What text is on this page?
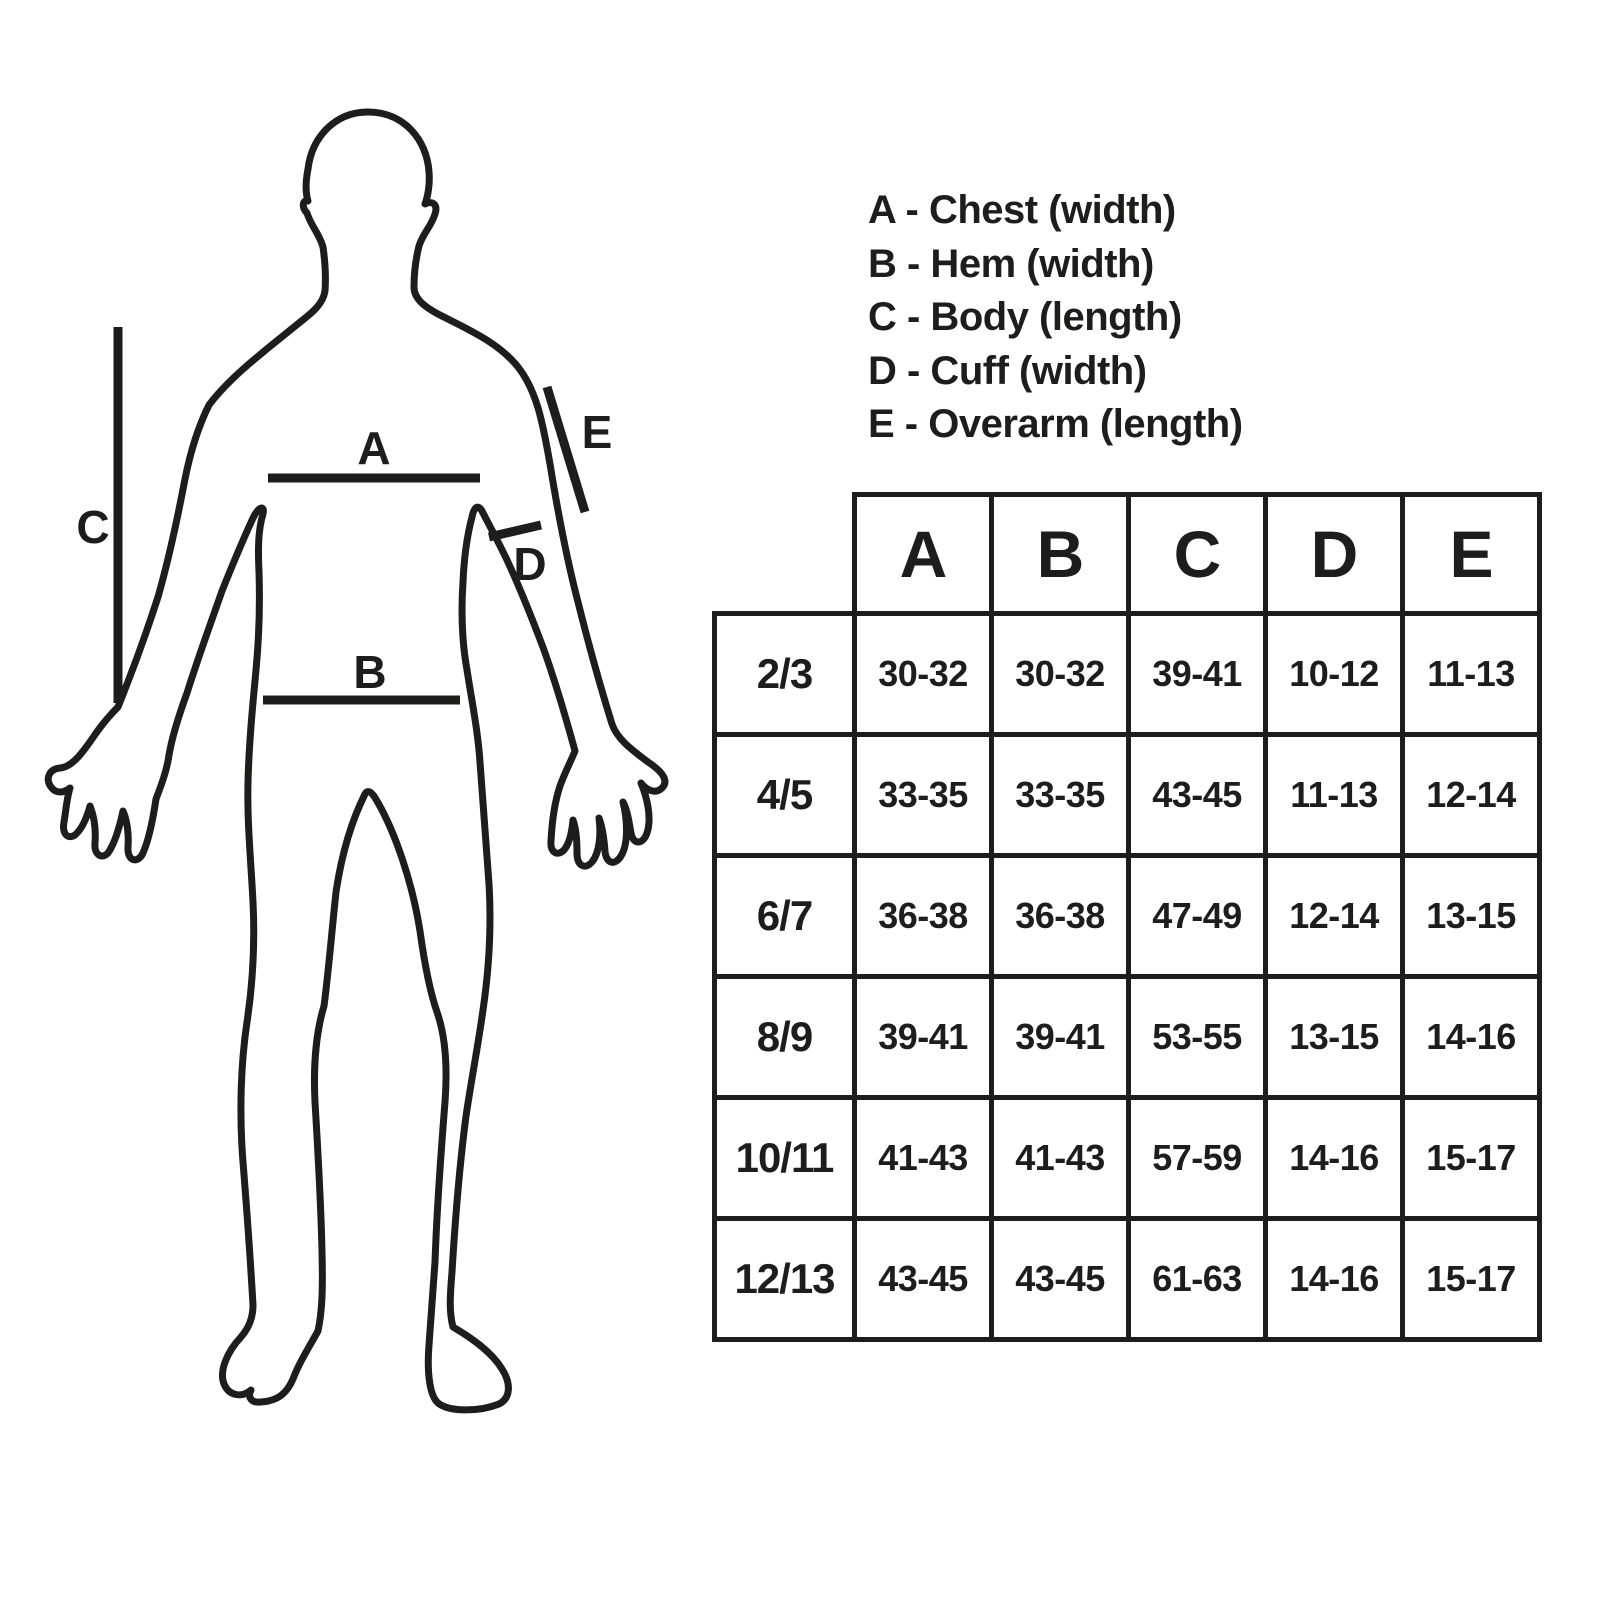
A
B
C
D
E
A - Chest (width)
B - Hem (width)
C - Body (length)
D - Cuff (width)
E - Overarm (length)
	A	B	C	D	E
2/3	30-32	30-32	39-41	10-12	11-13
4/5	33-35	33-35	43-45	11-13	12-14
6/7	36-38	36-38	47-49	12-14	13-15
8/9	39-41	39-41	53-55	13-15	14-16
10/11	41-43	41-43	57-59	14-16	15-17
12/13	43-45	43-45	61-63	14-16	15-17
